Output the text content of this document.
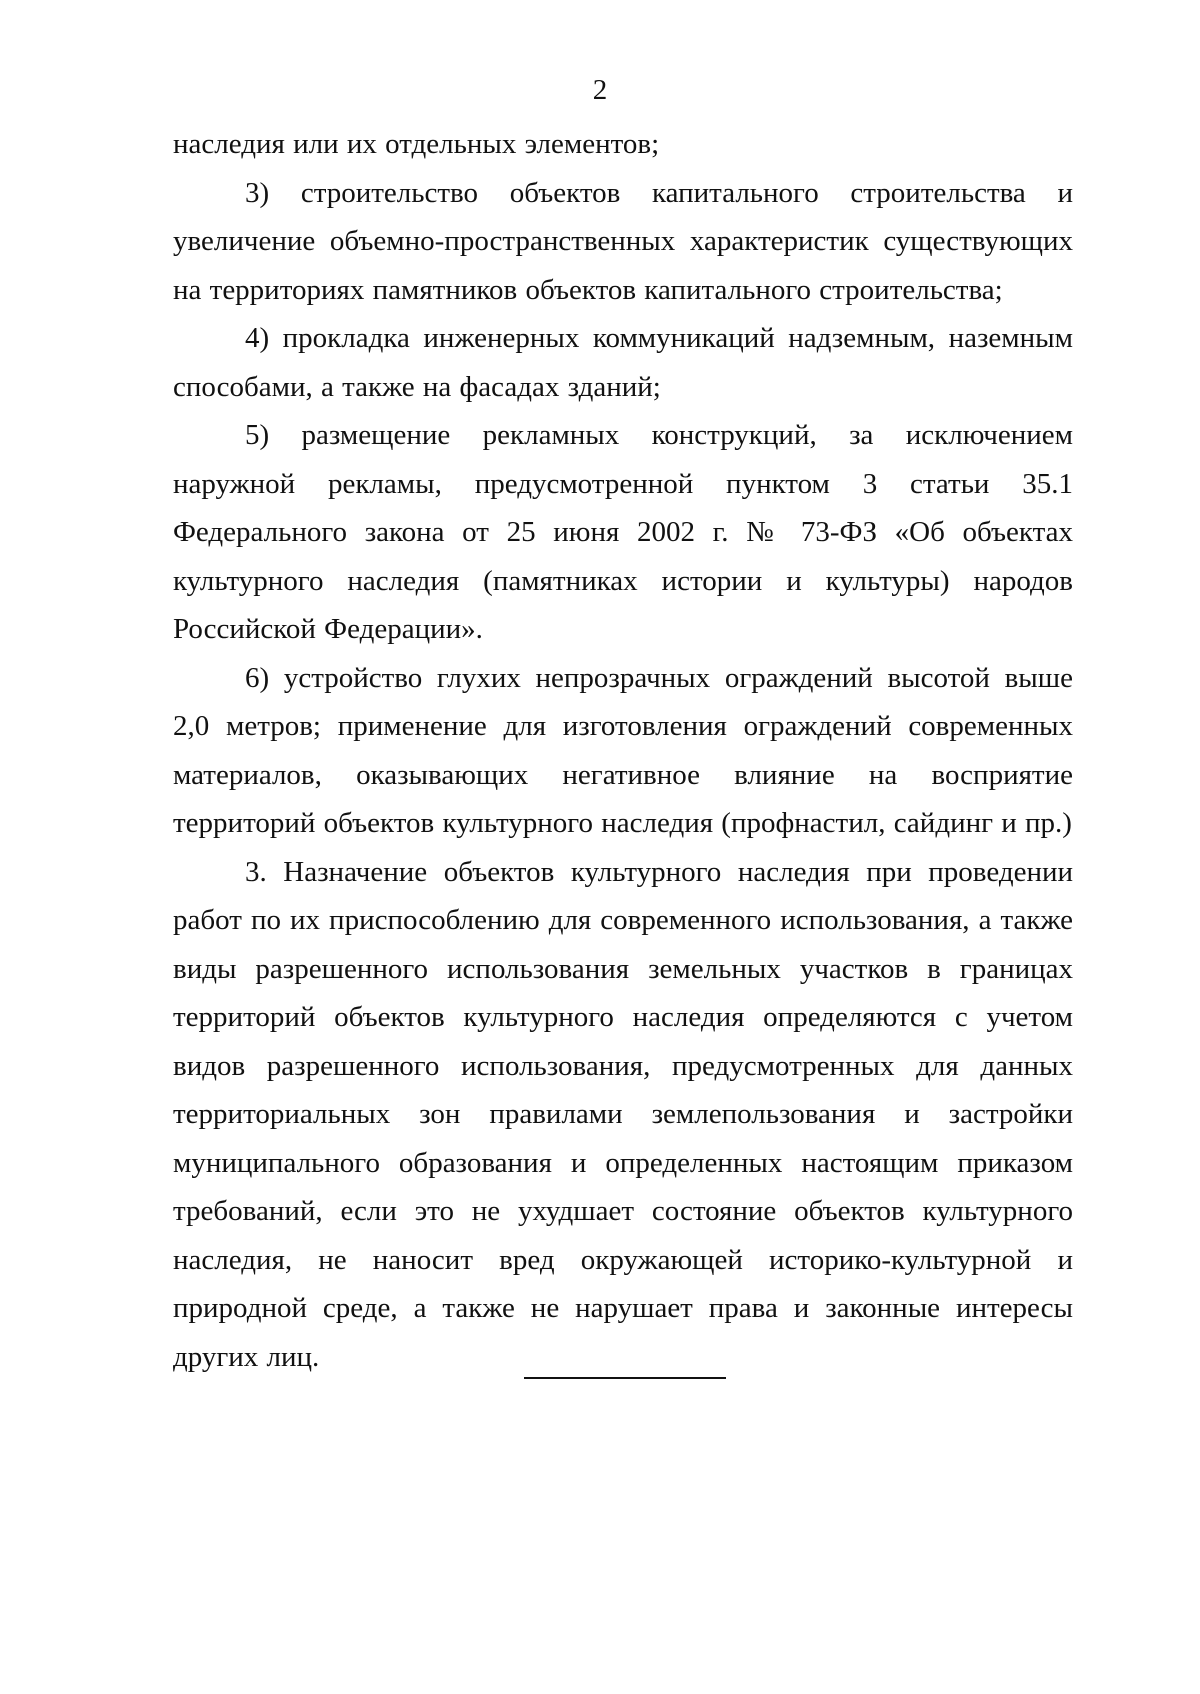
2

наследия или их отдельных элементов;

3) строительство объектов капитального строительства и увеличение объемно-пространственных характеристик существующих на территориях памятников объектов капитального строительства;

4) прокладка инженерных коммуникаций надземным, наземным способами, а также на фасадах зданий;

5) размещение рекламных конструкций, за исключением наружной рекламы, предусмотренной пунктом 3 статьи 35.1 Федерального закона от 25 июня 2002 г. № 73-ФЗ «Об объектах культурного наследия (памятниках истории и культуры) народов Российской Федерации».

6) устройство глухих непрозрачных ограждений высотой выше 2,0 метров; применение для изготовления ограждений современных материалов, оказывающих негативное влияние на восприятие территорий объектов культурного наследия (профнастил, сайдинг и пр.)

3. Назначение объектов культурного наследия при проведении работ по их приспособлению для современного использования, а также виды разрешенного использования земельных участков в границах территорий объектов культурного наследия определяются с учетом видов разрешенного использования, предусмотренных для данных территориальных зон правилами землепользования и застройки муниципального образования и определенных настоящим приказом требований, если это не ухудшает состояние объектов культурного наследия, не наносит вред окружающей историко-культурной и природной среде, а также не нарушает права и законные интересы других лиц.
